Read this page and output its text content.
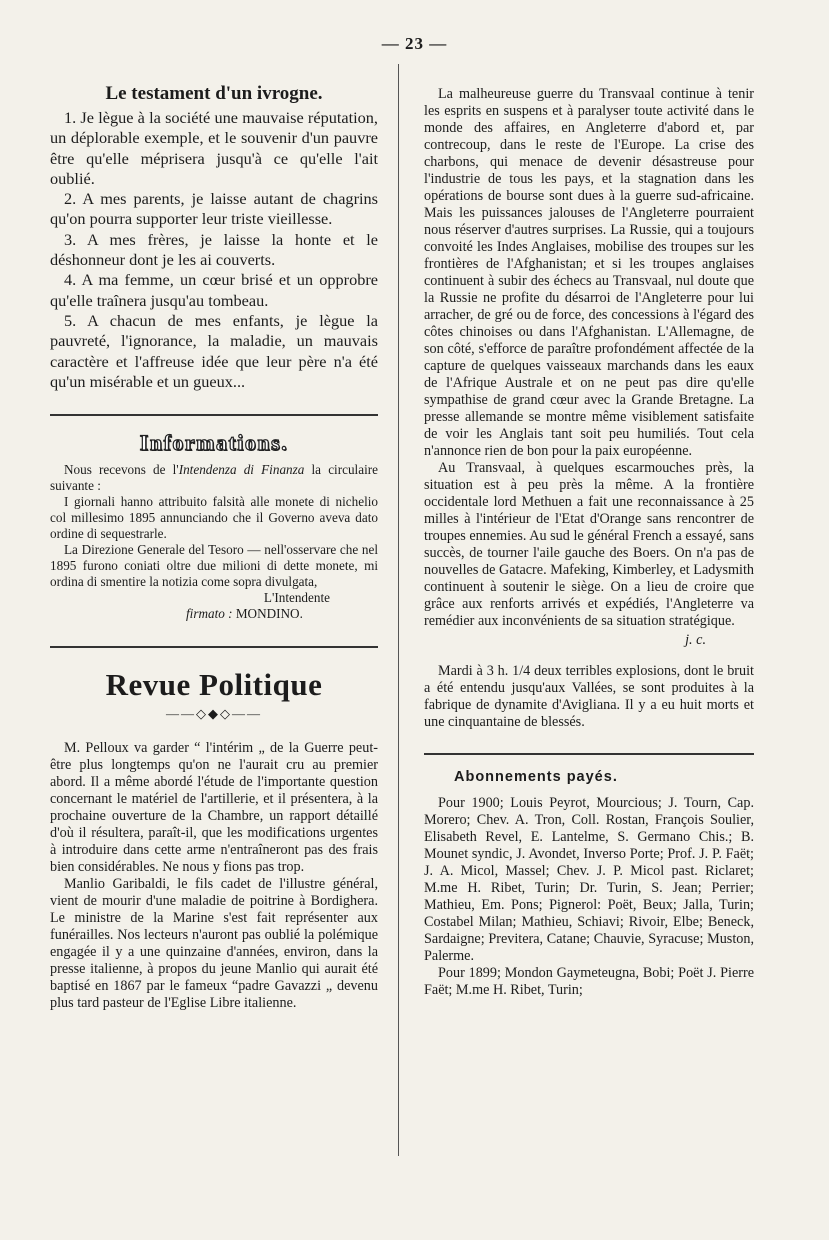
— 23 —
Le testament d'un ivrogne.

1. Je lègue à la société une mauvaise réputation, un déplorable exemple, et le souvenir d'un pauvre être qu'elle méprisera jusqu'à ce qu'elle l'ait oublié.

2. A mes parents, je laisse autant de chagrins qu'on pourra supporter leur triste vieillesse.

3. A mes frères, je laisse la honte et le déshonneur dont je les ai couverts.

4. A ma femme, un cœur brisé et un opprobre qu'elle traînera jusqu'au tombeau.

5. A chacun de mes enfants, je lègue la pauvreté, l'ignorance, la maladie, un mauvais caractère et l'affreuse idée que leur père n'a été qu'un misérable et un gueux...

Informations.

Nous recevons de l'Intendenza di Finanza la circulaire suivante :

I giornali hanno attribuito falsità alle monete di nichelio col millesimo 1895 annunciando che il Governo aveva dato ordine di sequestrarle.

La Direzione Generale del Tesoro — nell'osservare che nel 1895 furono coniati oltre due milioni di dette monete, mi ordina di smentire la notizia come sopra divulgata,

L'Intendente

firmato : MONDINO.

Revue Politique
——◇◆◇——

M. Pelloux va garder “ l'intérim „ de la Guerre peut-être plus longtemps qu'on ne l'aurait cru au premier abord. Il a même abordé l'étude de l'importante question concernant le matériel de l'artillerie, et il présentera, à la prochaine ouverture de la Chambre, un rapport détaillé d'où il résultera, paraît-il, que les modifications urgentes à introduire dans cette arme n'entraîneront pas des frais bien considérables. Ne nous y fions pas trop.

Manlio Garibaldi, le fils cadet de l'illustre général, vient de mourir d'une maladie de poitrine à Bordighera. Le ministre de la Marine s'est fait représenter aux funérailles. Nos lecteurs n'auront pas oublié la polémique engagée il y a une quinzaine d'années, environ, dans la presse italienne, à propos du jeune Manlio qui aurait été baptisé en 1867 par le fameux “padre Gavazzi „ devenu plus tard pasteur de l'Eglise Libre italienne.

La malheureuse guerre du Transvaal continue à tenir les esprits en suspens et à paralyser toute activité dans le monde des affaires, en Angleterre d'abord et, par contrecoup, dans le reste de l'Europe. La crise des charbons, qui menace de devenir désastreuse pour l'industrie de tous les pays, et la stagnation dans les opérations de bourse sont dues à la guerre sud-africaine. Mais les puissances jalouses de l'Angleterre pourraient nous réserver d'autres surprises. La Russie, qui a toujours convoité les Indes Anglaises, mobilise des troupes sur les frontières de l'Afghanistan; et si les troupes anglaises continuent à subir des échecs au Transvaal, nul doute que la Russie ne profite du désarroi de l'Angleterre pour lui arracher, de gré ou de force, des concessions à l'égard des côtes chinoises ou dans l'Afghanistan. L'Allemagne, de son côté, s'efforce de paraître profondément affectée de la capture de quelques vaisseaux marchands dans les eaux de l'Afrique Australe et on ne peut pas dire qu'elle sympathise de grand cœur avec la Grande Bretagne. La presse allemande se montre même visiblement satisfaite de voir les Anglais tant soit peu humiliés. Tout cela n'annonce rien de bon pour la paix européenne.

Au Transvaal, à quelques escarmouches près, la situation est à peu près la même. A la frontière occidentale lord Methuen a fait une reconnaissance à 25 milles à l'intérieur de l'Etat d'Orange sans rencontrer de troupes ennemies. Au sud le général French a essayé, sans succès, de tourner l'aile gauche des Boers. On n'a pas de nouvelles de Gatacre. Mafeking, Kimberley, et Ladysmith continuent à soutenir le siège. On a lieu de croire que grâce aux renforts arrivés et expédiés, l'Angleterre va remédier aux inconvénients de sa situation stratégique.

j. c.

Mardi à 3 h. 1/4 deux terribles explosions, dont le bruit a été entendu jusqu'aux Vallées, se sont produites à la fabrique de dynamite d'Avigliana. Il y a eu huit morts et une cinquantaine de blessés.

Abonnements payés.

Pour 1900; Louis Peyrot, Mourcious; J. Tourn, Cap. Morero; Chev. A. Tron, Coll. Rostan, François Soulier, Elisabeth Revel, E. Lantelme, S. Germano Chis.; B. Mounet syndic, J. Avondet, Inverso Porte; Prof. J. P. Faët; J. A. Micol, Massel; Chev. J. P. Micol past. Riclaret; M.me H. Ribet, Turin; Dr. Turin, S. Jean; Perrier; Mathieu, Em. Pons; Pignerol: Poët, Beux; Jalla, Turin; Costabel Milan; Mathieu, Schiavi; Rivoir, Elbe; Beneck, Sardaigne; Previtera, Catane; Chauvie, Syracuse; Muston, Palerme.

Pour 1899; Mondon Gaymeteugna, Bobi; Poët J. Pierre Faët; M.me H. Ribet, Turin;
